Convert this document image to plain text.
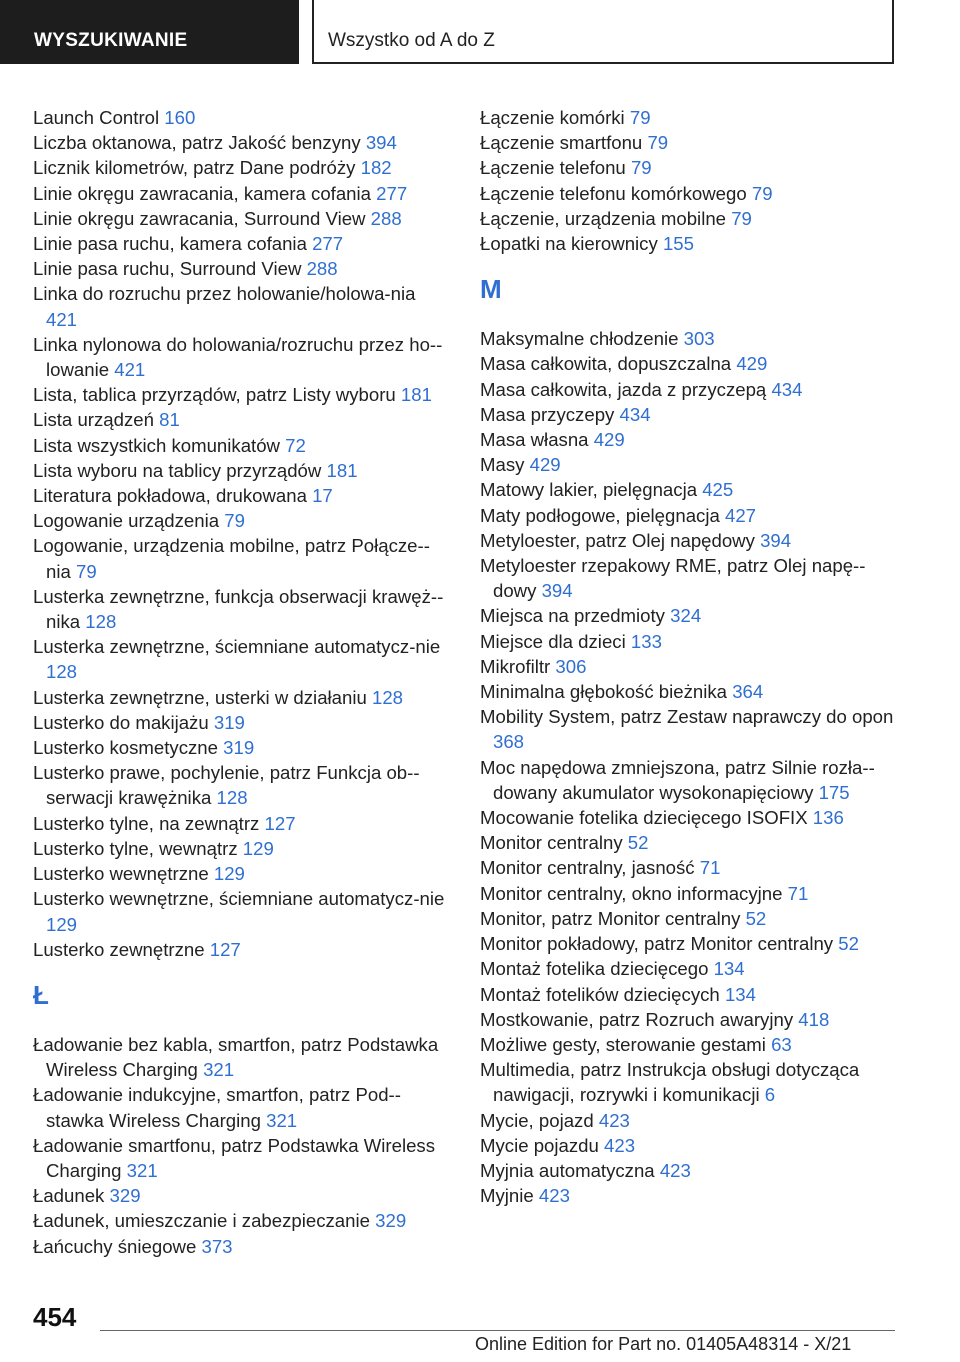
WYSZUKIWANIE	Wszystko od A do Z

Launch Control 160

Liczba oktanowa, patrz Jakość benzyny 394

Licznik kilometrów, patrz Dane podróży 182

Linie okręgu zawracania, kamera cofania 277

Linie okręgu zawracania, Surround View 288

Linie pasa ruchu, kamera cofania 277

Linie pasa ruchu, Surround View 288

Linka do rozruchu przez holowanie/holowa-nia 421

Linka nylonowa do holowania/rozruchu przez ho-lowanie 421

Lista, tablica przyrządów, patrz Listy wyboru 181

Lista urządzeń 81

Lista wszystkich komunikatów 72

Lista wyboru na tablicy przyrządów 181

Literatura pokładowa, drukowana 17

Logowanie urządzenia 79

Logowanie, urządzenia mobilne, patrz Połącze-nia 79

Lusterka zewnętrzne, funkcja obserwacji krawęż-nika 128

Lusterka zewnętrzne, ściemniane automatycz-nie 128

Lusterka zewnętrzne, usterki w działaniu 128

Lusterko do makijażu 319

Lusterko kosmetyczne 319

Lusterko prawe, pochylenie, patrz Funkcja ob-serwacji krawężnika 128

Lusterko tylne, na zewnątrz 127

Lusterko tylne, wewnątrz 129

Lusterko wewnętrzne 129

Lusterko wewnętrzne, ściemniane automatycz-nie 129

Lusterko zewnętrzne 127

Ł

Ładowanie bez kabla, smartfon, patrz Podstawka Wireless Charging 321

Ładowanie indukcyjne, smartfon, patrz Pod-stawka Wireless Charging 321

Ładowanie smartfonu, patrz Podstawka Wireless Charging 321

Ładunek 329

Ładunek, umieszczanie i zabezpieczanie 329

Łańcuchy śniegowe 373

Łączenie komórki 79

Łączenie smartfonu 79

Łączenie telefonu 79

Łączenie telefonu komórkowego 79

Łączenie, urządzenia mobilne 79

Łopatki na kierownicy 155

M

Maksymalne chłodzenie 303

Masa całkowita, dopuszczalna 429

Masa całkowita, jazda z przyczepą 434

Masa przyczepy 434

Masa własna 429

Masy 429

Matowy lakier, pielęgnacja 425

Maty podłogowe, pielęgnacja 427

Metyloester, patrz Olej napędowy 394

Metyloester rzepakowy RME, patrz Olej napę-dowy 394

Miejsca na przedmioty 324

Miejsce dla dzieci 133

Mikrofiltr 306

Minimalna głębokość bieżnika 364

Mobility System, patrz Zestaw naprawczy do opon 368

Moc napędowa zmniejszona, patrz Silnie rozła-dowany akumulator wysokonapięciowy 175

Mocowanie fotelika dziecięcego ISOFIX 136

Monitor centralny 52

Monitor centralny, jasność 71

Monitor centralny, okno informacyjne 71

Monitor, patrz Monitor centralny 52

Monitor pokładowy, patrz Monitor centralny 52

Montaż fotelika dziecięcego 134

Montaż fotelików dziecięcych 134

Mostkowanie, patrz Rozruch awaryjny 418

Możliwe gesty, sterowanie gestami 63

Multimedia, patrz Instrukcja obsługi dotycząca nawigacji, rozrywki i komunikacji 6

Mycie, pojazd 423

Mycie pojazdu 423

Myjnia automatyczna 423

Myjnie 423

454
Online Edition for Part no. 01405A48314 - X/21
